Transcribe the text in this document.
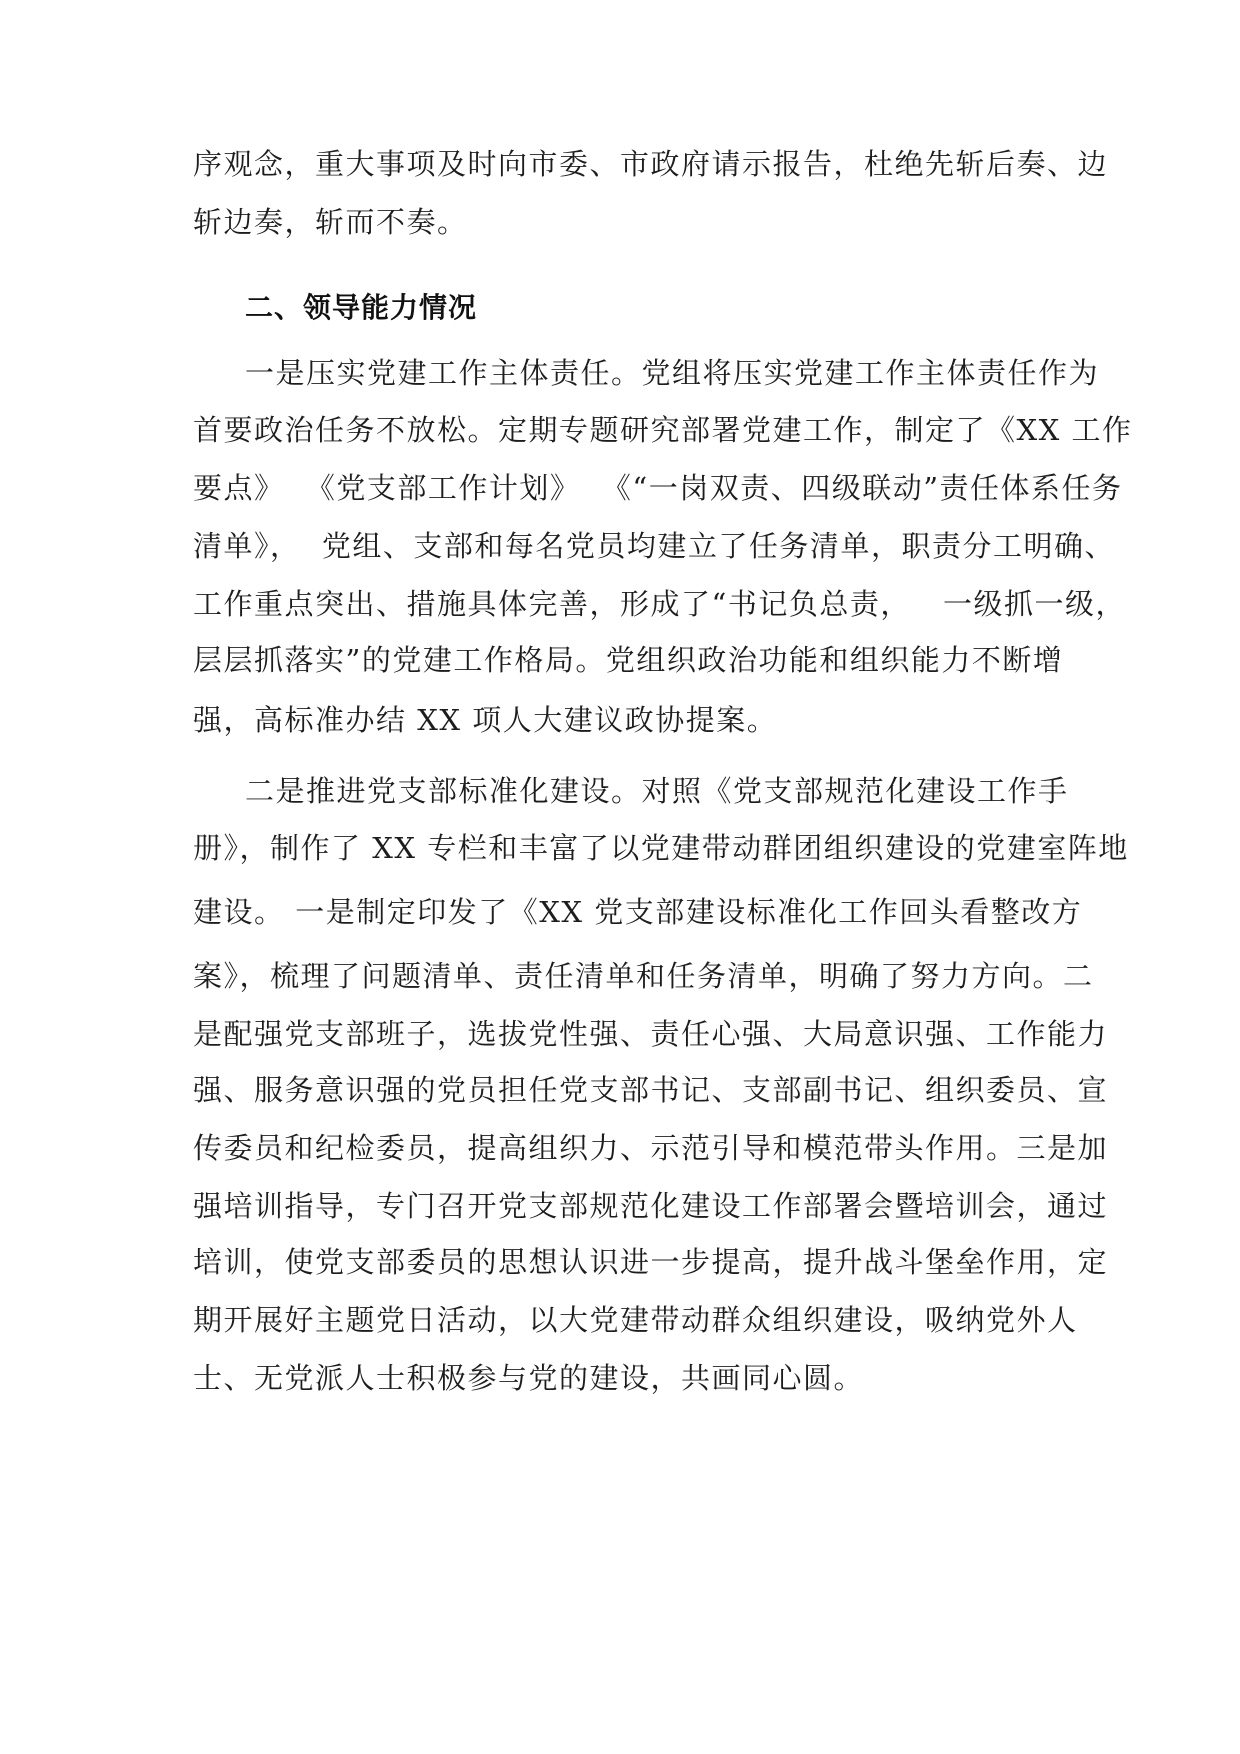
序观念，重大事项及时向市委、市政府请示报告，杜绝先斩后奏、边
斩边奏，斩而不奏。
二、领导能力情况
一是压实党建工作主体责任。党组将压实党建工作主体责任作为
首要政治任务不放松。定期专题研究部署党建工作，制定了《XX 工作
要点》  《党支部工作计划》  《“一岗双责、四级联动”责任体系任务
清单》，  党组、支部和每名党员均建立了任务清单，职责分工明确、
工作重点突出、措施具体完善，形成了“书记负总责，   一级抓一级，
层层抓落实”的党建工作格局。党组织政治功能和组织能力不断增
强，高标准办结 XX 项人大建议政协提案。
二是推进党支部标准化建设。对照《党支部规范化建设工作手
册》，制作了 XX 专栏和丰富了以党建带动群团组织建设的党建室阵地
建设。 一是制定印发了《XX 党支部建设标准化工作回头看整改方
案》，梳理了问题清单、责任清单和任务清单，明确了努力方向。二
是配强党支部班子，选拔党性强、责任心强、大局意识强、工作能力
强、服务意识强的党员担任党支部书记、支部副书记、组织委员、宣
传委员和纪检委员，提高组织力、示范引导和模范带头作用。三是加
强培训指导，专门召开党支部规范化建设工作部署会暨培训会，通过
培训，使党支部委员的思想认识进一步提高，提升战斗堡垒作用，定
期开展好主题党日活动，以大党建带动群众组织建设，吸纳党外人
士、无党派人士积极参与党的建设，共画同心圆。
